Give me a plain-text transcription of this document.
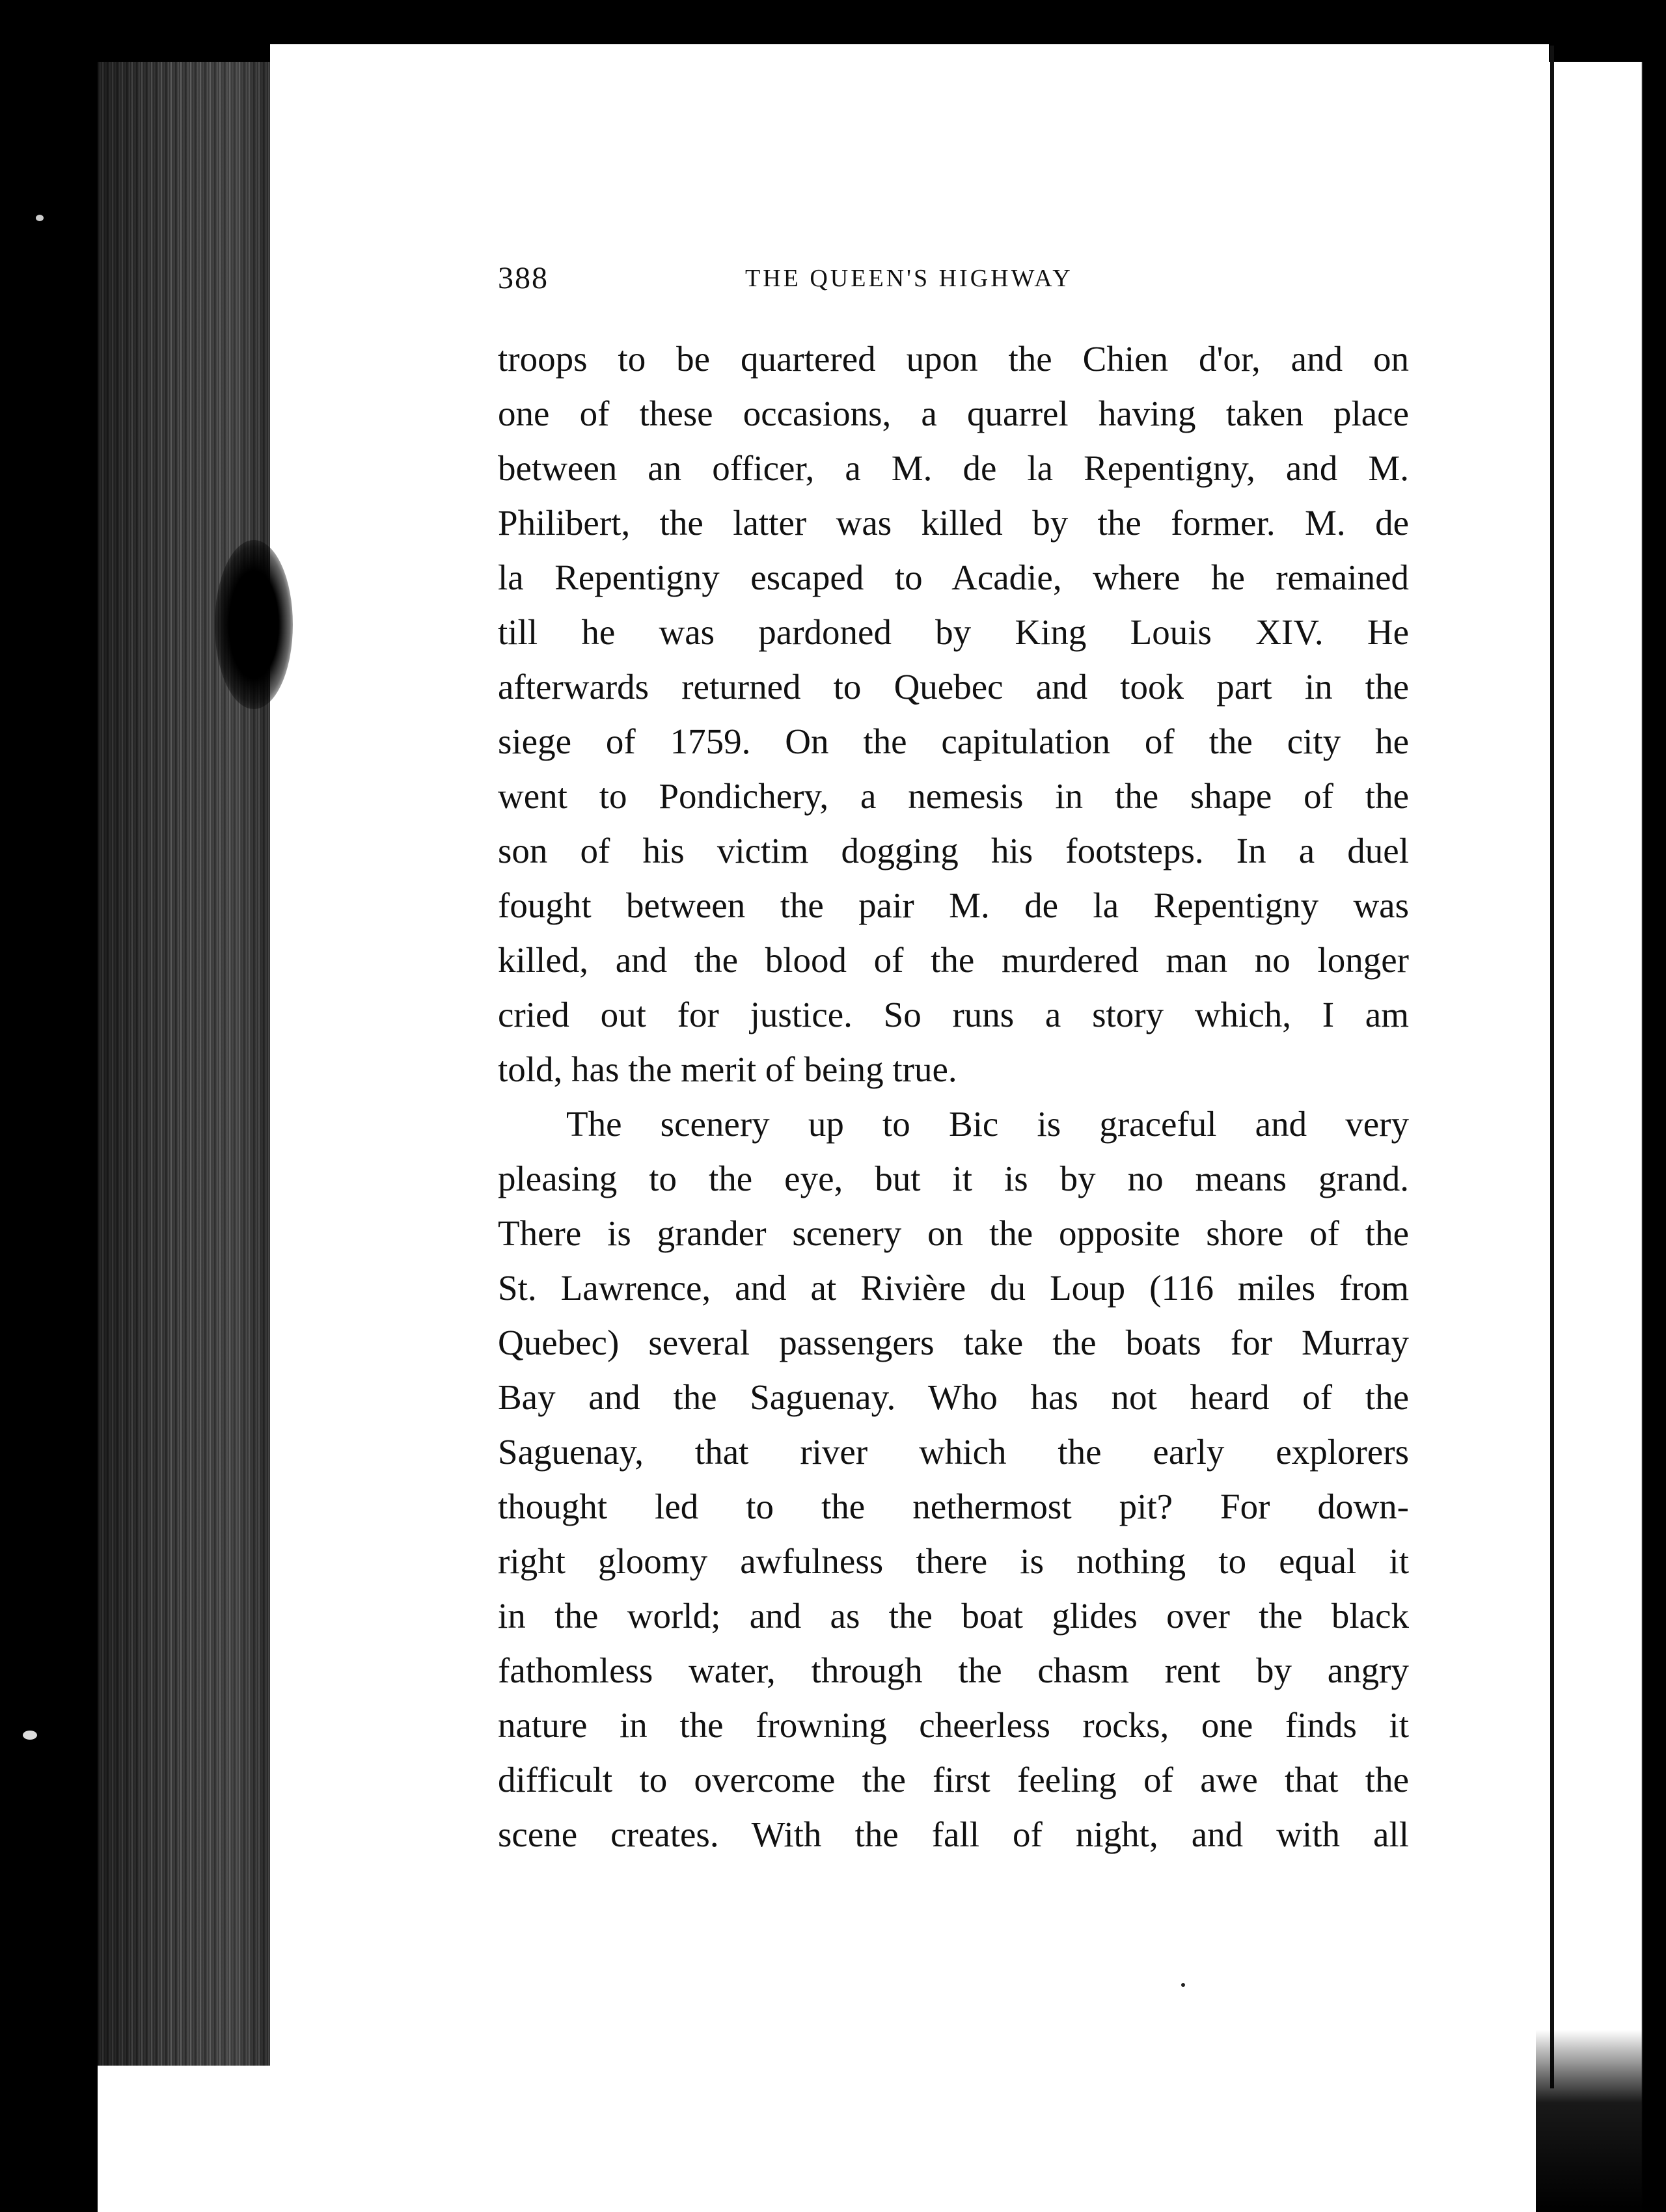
388	THE QUEEN'S HIGHWAY
troops to be quartered upon the Chien d'or, and on
one of these occasions, a quarrel having taken place
between an officer, a M. de la Repentigny, and M.
Philibert, the latter was killed by the former. M. de
la Repentigny escaped to Acadie, where he remained
till he was pardoned by King Louis XIV. He
afterwards returned to Quebec and took part in the
siege of 1759. On the capitulation of the city he
went to Pondichery, a nemesis in the shape of the
son of his victim dogging his footsteps. In a duel
fought between the pair M. de la Repentigny was
killed, and the blood of the murdered man no longer
cried out for justice. So runs a story which, I am
told, has the merit of being true.
The scenery up to Bic is graceful and very
pleasing to the eye, but it is by no means grand.
There is grander scenery on the opposite shore of the
St. Lawrence, and at Rivière du Loup (116 miles from
Quebec) several passengers take the boats for Murray
Bay and the Saguenay. Who has not heard of the
Saguenay, that river which the early explorers
thought led to the nethermost pit? For down-
right gloomy awfulness there is nothing to equal it
in the world; and as the boat glides over the black
fathomless water, through the chasm rent by angry
nature in the frowning cheerless rocks, one finds it
difficult to overcome the first feeling of awe that the
scene creates. With the fall of night, and with all
